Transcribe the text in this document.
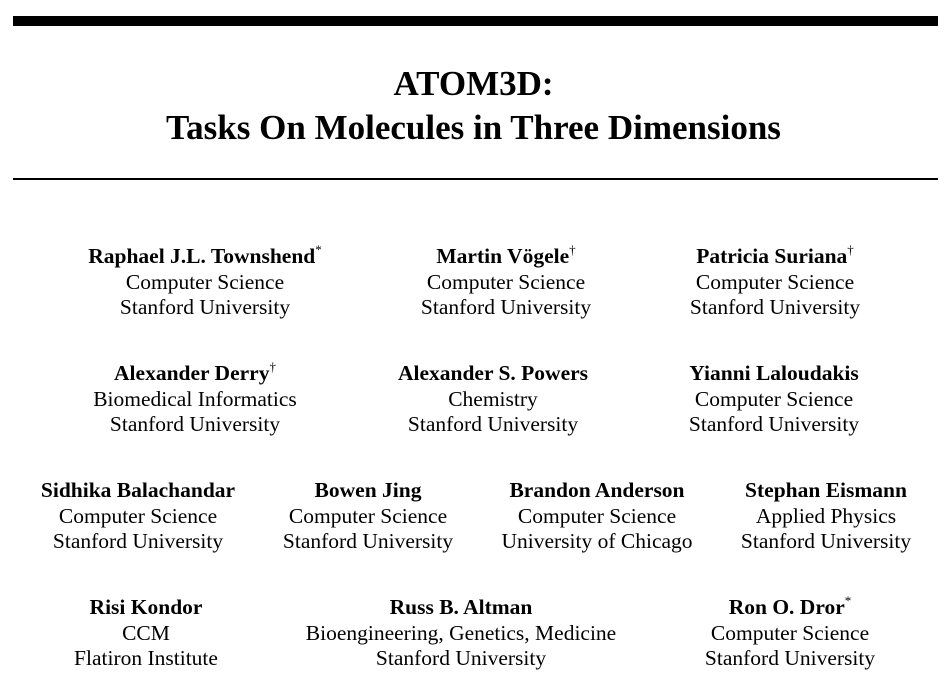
ATOM3D:
Tasks On Molecules in Three Dimensions
Raphael J.L. Townshend*
Computer Science
Stanford University
Martin Vögele†
Computer Science
Stanford University
Patricia Suriana†
Computer Science
Stanford University
Alexander Derry†
Biomedical Informatics
Stanford University
Alexander S. Powers
Chemistry
Stanford University
Yianni Laloudakis
Computer Science
Stanford University
Sidhika Balachandar
Computer Science
Stanford University
Bowen Jing
Computer Science
Stanford University
Brandon Anderson
Computer Science
University of Chicago
Stephan Eismann
Applied Physics
Stanford University
Risi Kondor
CCM
Flatiron Institute
Russ B. Altman
Bioengineering, Genetics, Medicine
Stanford University
Ron O. Dror*
Computer Science
Stanford University
